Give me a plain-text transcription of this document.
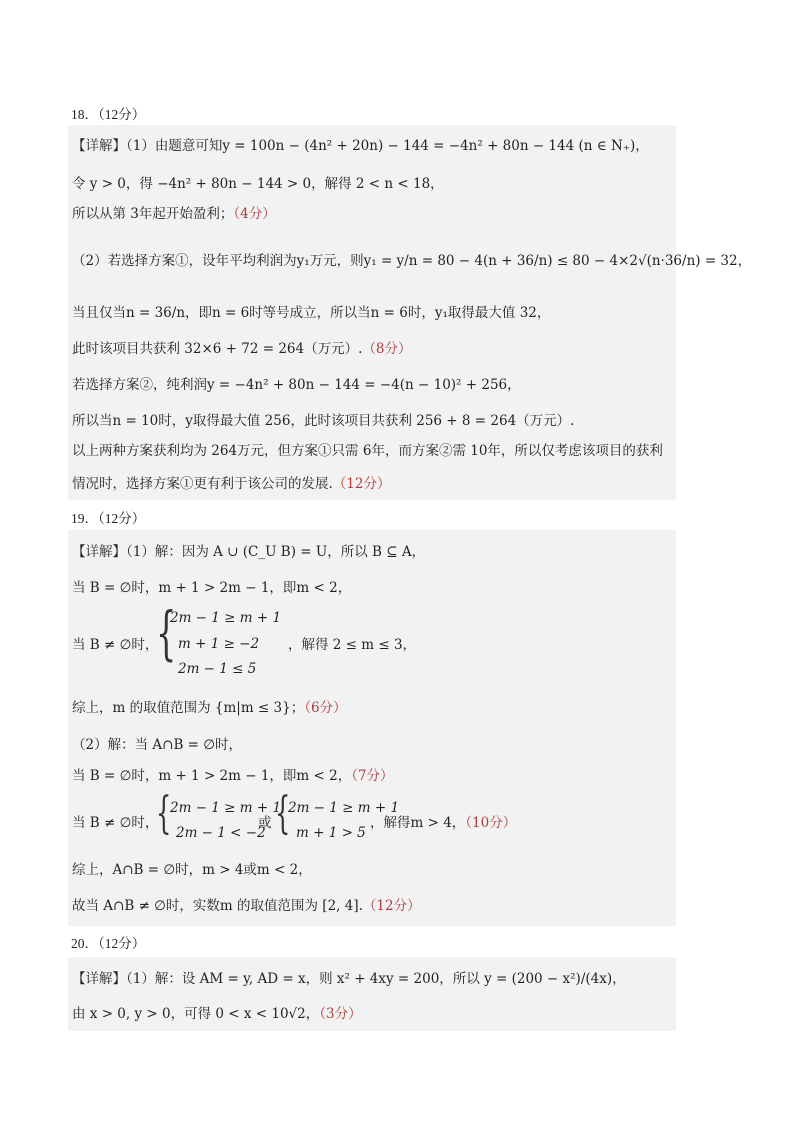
18．（12分）
【详解】（1）由题意可知y = 100n − (4n² + 20n) − 144 = −4n² + 80n − 144 (n ∈ N₊)，
令 y > 0，得 −4n² + 80n − 144 > 0，解得 2 < n < 18，
所以从第 3年起开始盈利；（4分）
（2）若选择方案①，设年平均利润为y₁万元，则y₁ = y/n = 80 − 4(n + 36/n) ≤ 80 − 4×2√(n·36/n) = 32，
当且仅当n = 36/n，即n = 6时等号成立，所以当n = 6时，y₁取得最大值 32，
此时该项目共获利 32×6 + 72 = 264（万元）.（8分）
若选择方案②，纯利润y = −4n² + 80n − 144 = −4(n − 10)² + 256，
所以当n = 10时，y取得最大值 256，此时该项目共获利 256 + 8 = 264（万元）.
以上两种方案获利均为 264万元，但方案①只需 6年，而方案②需 10年，所以仅考虑该项目的获利
情况时，选择方案①更有利于该公司的发展.（12分）
19．（12分）
【详解】（1）解：因为 A ∪ (C_U B) = U，所以 B ⊆ A，
当 B = ∅时，m + 1 > 2m − 1，即m < 2，
当 B ≠ ∅时，
{
2m − 1 ≥ m + 1
m + 1 ≥ −2
2m − 1 ≤ 5
，解得 2 ≤ m ≤ 3，
综上，m 的取值范围为 {m|m ≤ 3}；（6分）
（2）解：当 A∩B = ∅时，
当 B = ∅时，m + 1 > 2m − 1，即m < 2，（7分）
当 B ≠ ∅时，
{
2m − 1 ≥ m + 1
2m − 1 < −2
或 {
2m − 1 ≥ m + 1
m + 1 > 5
，解得m > 4，（10分）
综上，A∩B = ∅时，m > 4或m < 2，
故当 A∩B ≠ ∅时，实数m 的取值范围为 [2, 4].（12分）
20．（12分）
【详解】（1）解：设 AM = y, AD = x，则 x² + 4xy = 200，所以 y = (200 − x²)/(4x)，
由 x > 0, y > 0，可得 0 < x < 10√2，（3分）
